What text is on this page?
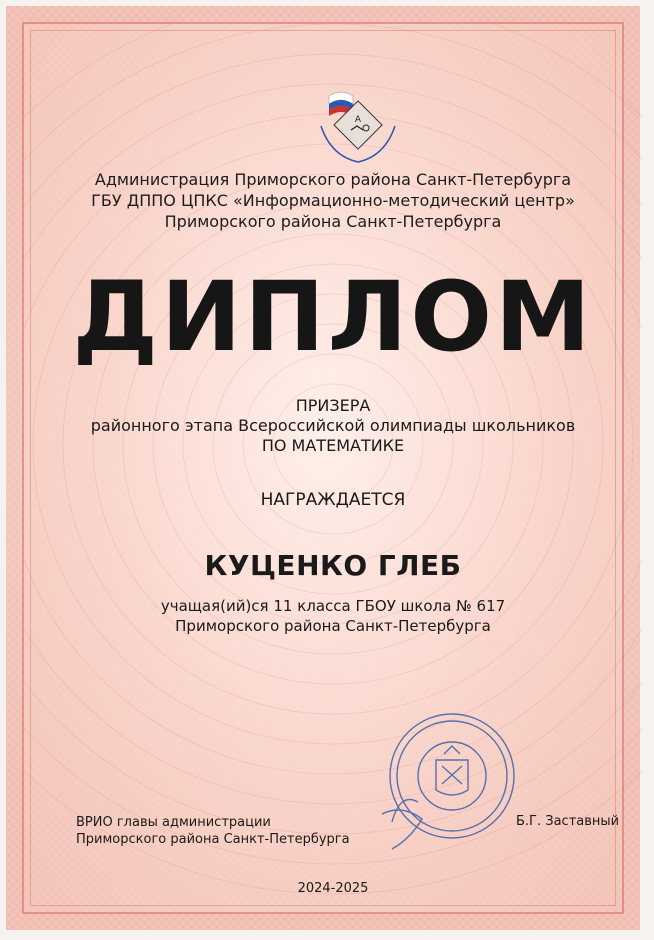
A
Администрация Приморского района Санкт-Петербурга
ГБУ ДППО ЦПКС «Информационно-методический центр»
Приморского района Санкт-Петербурга
ДИПЛОМ
ПРИЗЕРА
районного этапа Всероссийской олимпиады школьников
ПО МАТЕМАТИКЕ
НАГРАЖДАЕТСЯ
КУЦЕНКО ГЛЕБ
учащая(ий)ся 11 класса ГБОУ школа № 617
Приморского района Санкт-Петербурга
ВРИО главы администрации
Приморского района Санкт-Петербурга
Б.Г. Заставный
2024-2025
